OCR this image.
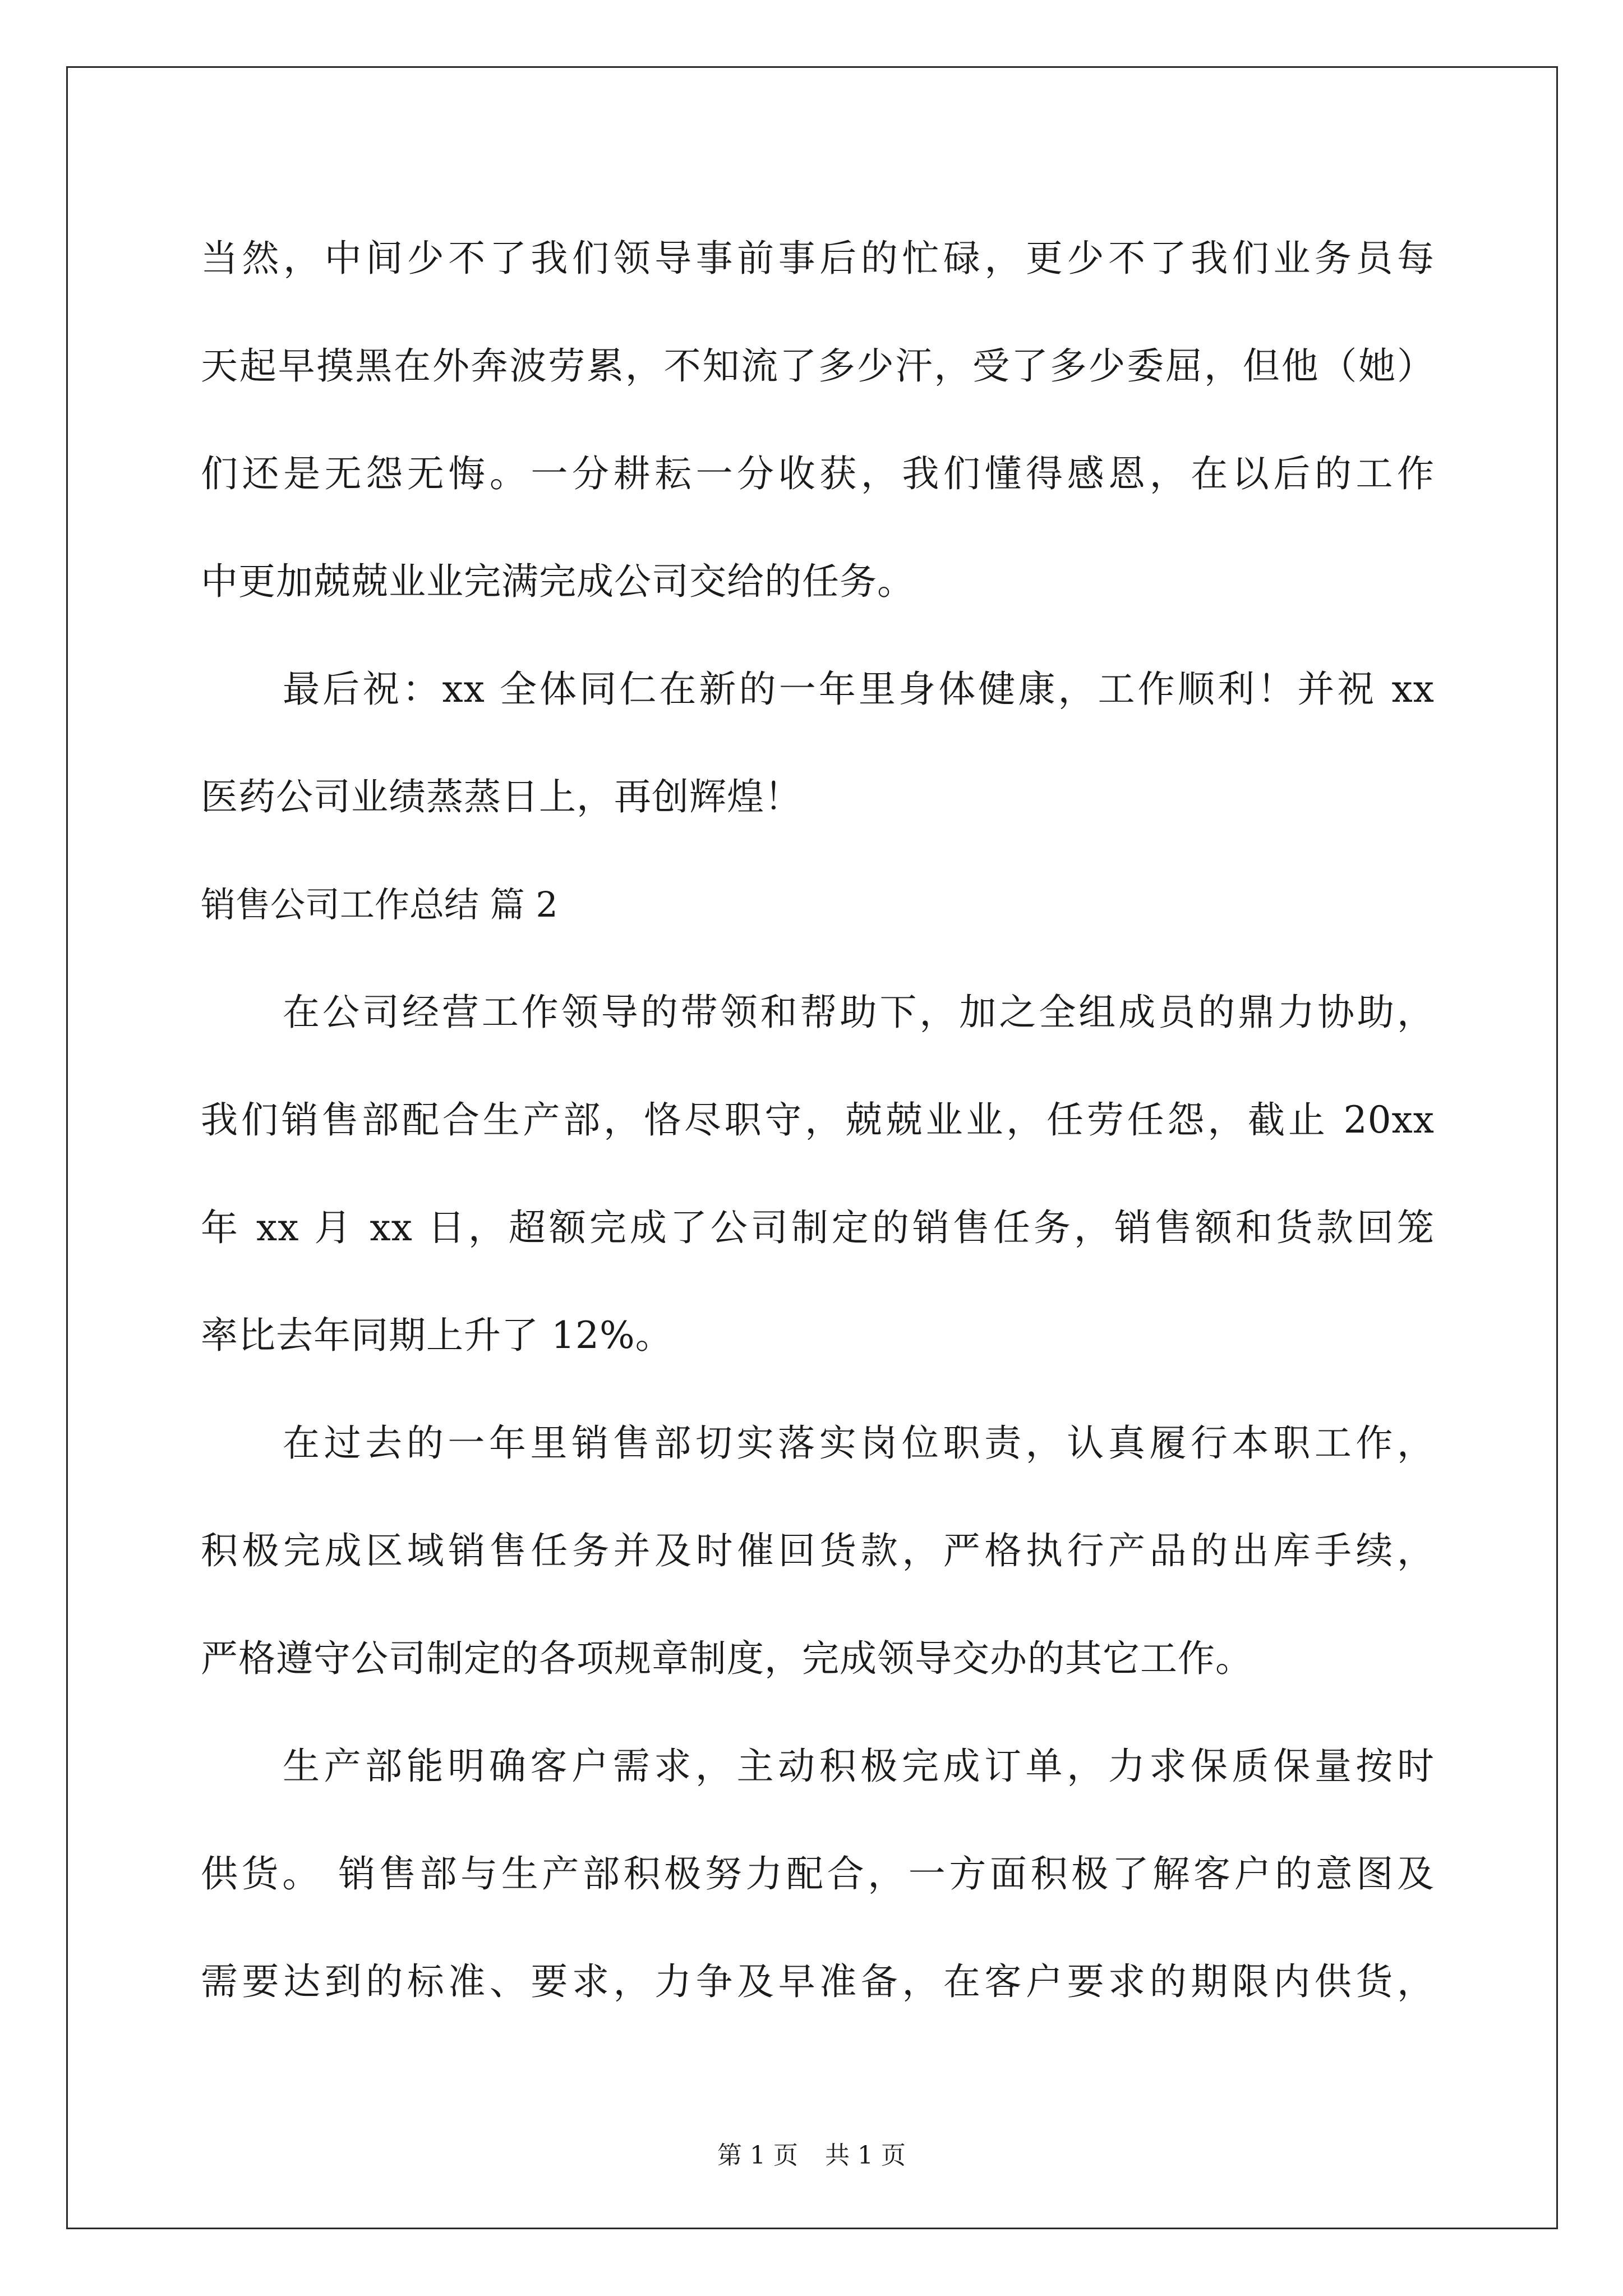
当然，中间少不了我们领导事前事后的忙碌，更少不了我们业务员每
天起早摸黑在外奔波劳累，不知流了多少汗，受了多少委屈，但他（她）
们还是无怨无悔。一分耕耘一分收获，我们懂得感恩，在以后的工作
中更加兢兢业业完满完成公司交给的任务。
最后祝：xx 全体同仁在新的一年里身体健康，工作顺利！并祝 xx
医药公司业绩蒸蒸日上，再创辉煌！
销售公司工作总结 篇 2
在公司经营工作领导的带领和帮助下，加之全组成员的鼎力协助，
我们销售部配合生产部，恪尽职守，兢兢业业，任劳任怨，截止 20xx
年 xx 月 xx 日，超额完成了公司制定的销售任务，销售额和货款回笼
率比去年同期上升了 12%。
在过去的一年里销售部切实落实岗位职责，认真履行本职工作，
积极完成区域销售任务并及时催回货款，严格执行产品的出库手续，
严格遵守公司制定的各项规章制度，完成领导交办的其它工作。
生产部能明确客户需求，主动积极完成订单，力求保质保量按时
供货。 销售部与生产部积极努力配合，一方面积极了解客户的意图及
需要达到的标准、要求，力争及早准备，在客户要求的期限内供货，
第 1 页 共 1 页
